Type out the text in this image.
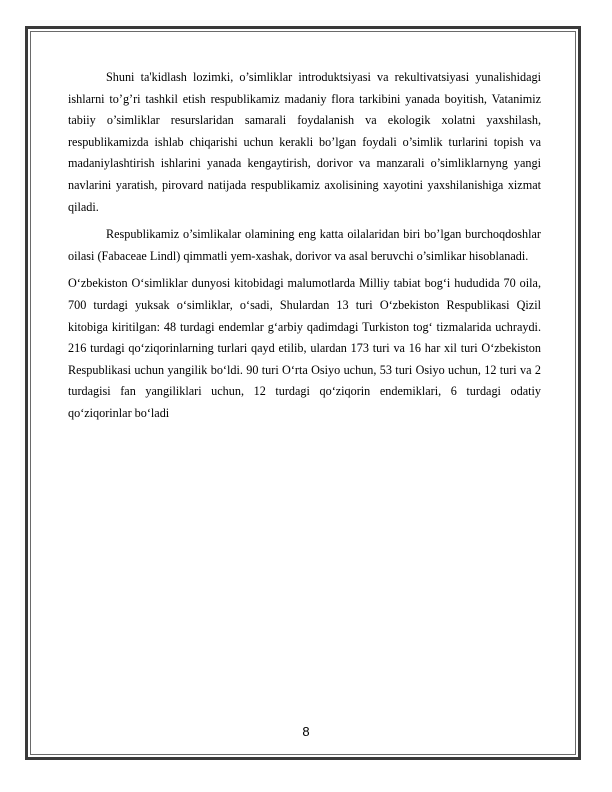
Shuni ta'kidlash lozimki, o’simliklar introduktsiyasi va rekultivatsiyasi yunalishidagi ishlarni to’g’ri tashkil etish respublikamiz madaniy flora tarkibini yanada boyitish, Vatanimiz tabiiy o’simliklar resurslaridan samarali foydalanish va ekologik xolatni yaxshilash, respublikamizda ishlab chiqarishi uchun kerakli bo’lgan foydali o’simlik turlarini topish va madaniylashtirish ishlarini yanada kengaytirish, dorivor va manzarali o’simliklarnyng yangi navlarini yaratish, pirovard natijada respublikamiz axolisining xayotini yaxshilanishiga xizmat qiladi.

Respublikamiz o’simlikalar olamining eng katta oilalaridan biri bo’lgan burchoqdoshlar oilasi (Fabaceae Lindl) qimmatli yem-xashak, dorivor va asal beruvchi o’simlikar hisoblanadi.

O‘zbekiston O‘simliklar dunyosi kitobidagi malumotlarda Milliy tabiat bog‘i hududida 70 oila, 700 turdagi yuksak o‘simliklar, o‘sadi, Shulardan 13 turi O‘zbekiston Respublikasi Qizil kitobiga kiritilgan: 48 turdagi endemlar g‘arbiy qadimdagi Turkiston tog‘ tizmalarida uchraydi. 216 turdagi qo‘ziqorinlarning turlari qayd etilib, ulardan 173 turi va 16 har xil turi O‘zbekiston Respublikasi uchun yangilik bo‘ldi. 90 turi O‘rta Osiyo uchun, 53 turi Osiyo uchun, 12 turi va 2 turdagisi fan yangiliklari uchun, 12 turdagi qo‘ziqorin endemiklari, 6 turdagi odatiy qo‘ziqorinlar bo‘ladi

8
